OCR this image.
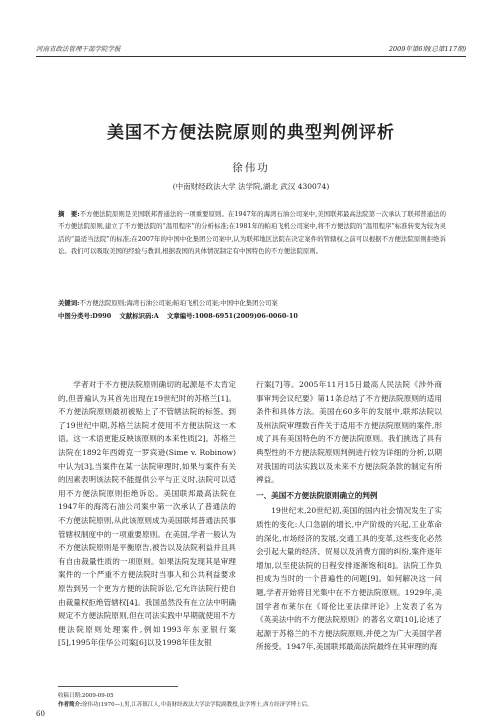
河南省政法管理干部学院学报	2009年第6期(总第117期)
美国不方便法院原则的典型判例评析
徐伟功
(中南财经政法大学 法学院,湖北 武汉 430074)
摘　要:不方便法院原则是美国联邦普通法的一项重要原则。在1947年的海湾石油公司案中,美国联邦最高法院第一次承认了联邦普通法的不方便法院原则,建立了不方便法院的“温用程序”的分析标准;在1981年的帕珀飞机公司案中,将不方便法院的“温用程序”标准转变为较为灵活的“最适当法院”的标准;在2007年的中国中化集团公司案中,认为联邦地区法院在决定案件的管辖权之前可以根据不方便法院原则拒绝诉讼。我们可以吸取美国的经验与教训,根据我国的具体情况制定有中国特色的不方便法院原则。
关键词:不方便法院原则;海湾石油公司案;帕珀飞机公司案;中国中化集团公司案
中图分类号:D990 文献标识码:A 文章编号:1008-6951(2009)06-0060-10

学者对于不方便法院原则确切的起源是不太肯定的,但普遍认为其首先出现在19世纪时的苏格兰[1]。不方便法院原则最初被贴上了不管辖法院的标签。到了19世纪中期,苏格兰法院才使用不方便法院这一术语。这一术语更能反映该原则的本来性质[2]。苏格兰法院在1892年西姆克一罗宾逊(Sime v. Robinow)中认为[3],当案件在某一法院审理时,如果与案件有关的因素表明该法院不能提供公平与正义时,法院可以适用不方便法院原则拒绝诉讼。美国联邦最高法院在1947年的海湾石油公司案中第一次承认了普通法的不方便法院原则,从此该原则成为美国联邦普通法民事管辖权制度中的一项重要原则。在美国,学者一般认为不方便法院原则是平衡原告,被告以及法院利益并且具有自由裁量性质的一项原则。如果法院发现其是审理案件的一个严重不方便法院时当事人和公共利益要求原告到另一个更为方便的法院诉讼,它允许法院行使自由裁量权拒绝管辖权[4]。我国虽然没有在立法中明确规定不方便法院原则,但在司法实践中早期就使用不方便法院原则处理案件,例如1993年东亚银行案[5],1995年佳华公司案[6]以及1998年佳友银

行案[7]等。2005年11月15日最高人民法院《涉外商事审判会议纪要》第11条总结了不方便法院原则的适用条件和具体方法。美国在60多年的发展中,联邦法院以及州法院审理数百件关于适用不方便法院原则的案件,形成了具有美国特色的不方便法院原则。我们挑选了具有典型性的不方便法院原则判例进行较为详细的分析,以期对我国的司法实践以及未来不方便法院条款的制定有所裨益。

一、美国不方便法院原则确立的判例

19世纪末,20世纪初,美国的国内社会情况发生了实质性的变化:人口急剧的增长,中产阶级的兴起,工业革命的深化,市场经济的发展,交通工具的变革,这些变化必然会引起大量的经济、贸易以及消费方面的纠纷,案件逐年增加,以至使法院的日程安排逐渐饱和[8]。法院工作负担成为当时的一个普遍性的问题[9]。如何解决这一问题,学者开始将目光集中在不方便法院原则。1929年,美国学者布莱尔在《哥伦比亚法律评论》上发表了名为《英美法中的不方便法院原则》的著名文章[10],论述了起源于苏格兰的不方便法院原则,并使之为广大美国学者所接受。1947年,美国联邦最高法院最终在其审理的海

收稿日期:2009-09-05
作者简介:徐伟功(1970—),男,江苏镇江人,中南财经政法大学法学院副教授,法学博士,西方经济学博士后。
60
